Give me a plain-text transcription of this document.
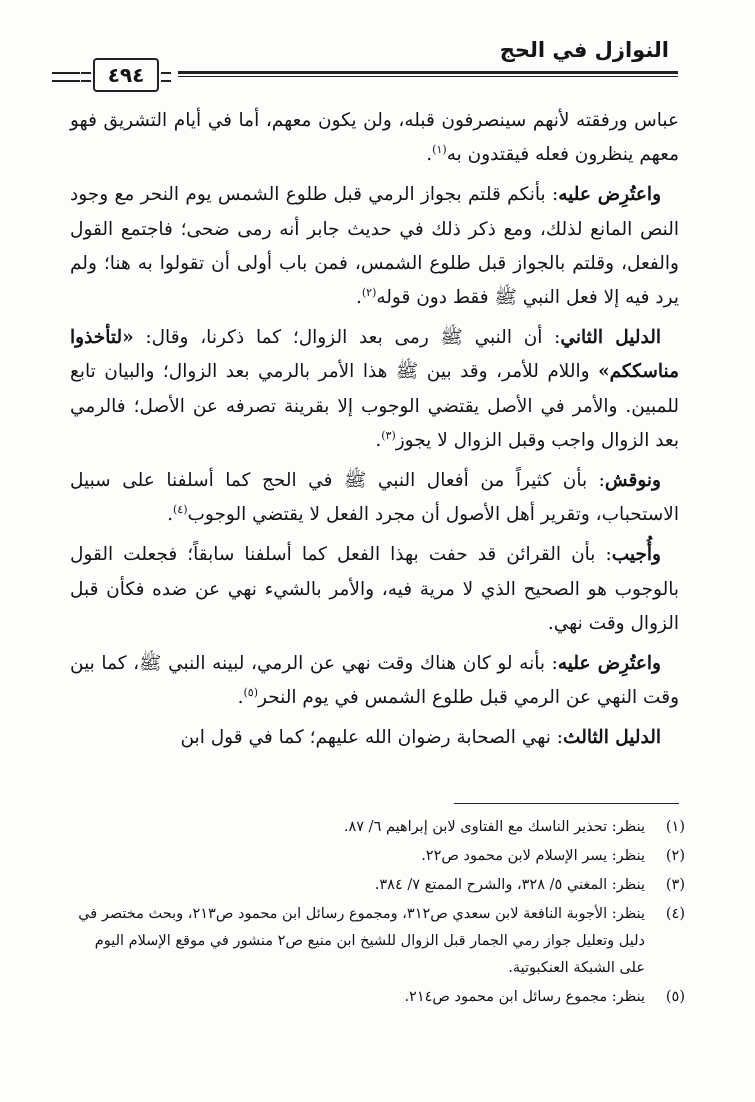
النوازل في الحج
٤٩٤

عباس ورفقته لأنهم سينصرفون قبله، ولن يكون معهم، أما في أيام التشريق فهو معهم ينظرون فعله فيقتدون به$^{(١)}$.

واعتُرِض عليه: بأنكم قلتم بجواز الرمي قبل طلوع الشمس يوم النحر مع وجود النص المانع لذلك، ومع ذكر ذلك في حديث جابر أنه رمى ضحى؛ فاجتمع القول والفعل، وقلتم بالجواز قبل طلوع الشمس، فمن باب أولى أن تقولوا به هنا؛ ولم يرد فيه إلا فعل النبي ﷺ فقط دون قوله$^{(٢)}$.

الدليل الثاني: أن النبي ﷺ رمى بعد الزوال؛ كما ذكرنا، وقال: «لتأخذوا مناسككم» واللام للأمر، وقد بين ﷺ هذا الأمر بالرمي بعد الزوال؛ والبيان تابع للمبين. والأمر في الأصل يقتضي الوجوب إلا بقرينة تصرفه عن الأصل؛ فالرمي بعد الزوال واجب وقبل الزوال لا يجوز$^{(٣)}$.

ونوقش: بأن كثيراً من أفعال النبي ﷺ في الحج كما أسلفنا على سبيل الاستحباب، وتقرير أهل الأصول أن مجرد الفعل لا يقتضي الوجوب$^{(٤)}$.

وأُجيب: بأن القرائن قد حفت بهذا الفعل كما أسلفنا سابقاً؛ فجعلت القول بالوجوب هو الصحيح الذي لا مرية فيه، والأمر بالشيء نهي عن ضده فكأن قبل الزوال وقت نهي.

واعتُرِض عليه: بأنه لو كان هناك وقت نهي عن الرمي، لبينه النبي ﷺ، كما بين وقت النهي عن الرمي قبل طلوع الشمس في يوم النحر$^{(٥)}$.

الدليل الثالث: نهي الصحابة رضوان الله عليهم؛ كما في قول ابن

(١)
ينظر: تحذير الناسك مع الفتاوى لابن إبراهيم ٦/ ٨٧.
(٢)
ينظر: يسر الإسلام لابن محمود ص٢٢.
(٣)
ينظر: المغني ٥/ ٣٢٨، والشرح الممتع ٧/ ٣٨٤.
(٤)
ينظر: الأجوبة النافعة لابن سعدي ص٣١٢، ومجموع رسائل ابن محمود ص٢١٣، وبحث مختصر في دليل وتعليل جواز رمي الجمار قبل الزوال للشيخ ابن منيع ص٢ منشور في موقع الإسلام اليوم على الشبكة العنكبوتية.
(٥)
ينظر: مجموع رسائل ابن محمود ص٢١٤.
